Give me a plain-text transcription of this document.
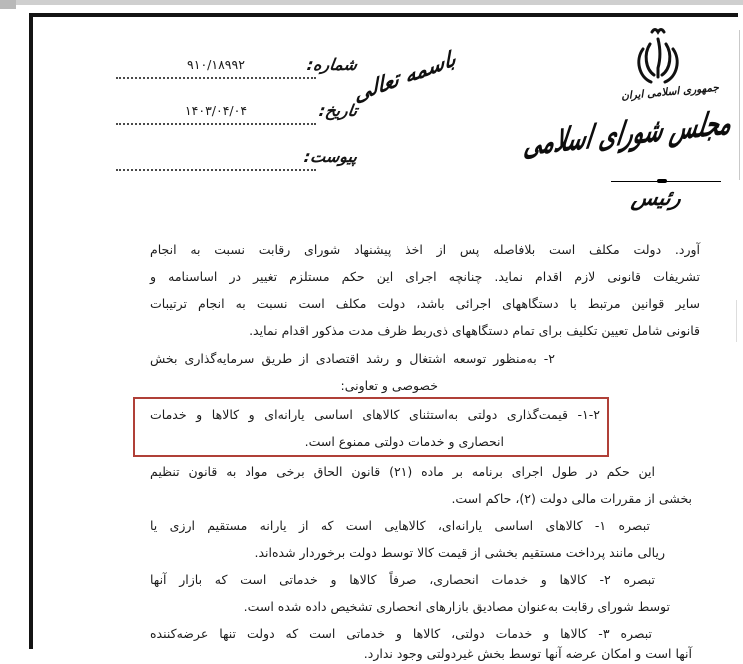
شماره:
۹۱۰/۱۸۹۹۲
تاریخ:
۱۴۰۳/۰۴/۰۴
پیوست:
باسمه تعالی	جمهوری اسلامی ایران
مجلس شورای اسلامی
رئیس
آورد. دولت مکلف است بلافاصله پس از اخذ پیشنهاد شورای رقابت نسبت به انجام
تشریفات قانونی لازم اقدام نماید. چنانچه اجرای این حکم مستلزم تغییر در اساسنامه و
سایر قوانین مرتبط با دستگاههای اجرائی باشد، دولت مکلف است نسبت به انجام ترتیبات
قانونی شامل تعیین تکلیف برای تمام دستگاههای ذی‌ربط ظرف مدت مذکور اقدام نماید.
۲- به‌منظور توسعه اشتغال و رشد اقتصادی از طریق سرمایه‌گذاری بخش
خصوصی و تعاونی:
۱-۲- قیمت‌گذاری دولتی به‌استثنای کالاهای اساسی یارانه‌ای و کالاها و خدمات
انحصاری و خدمات دولتی ممنوع است.
این حکم در طول اجرای برنامه بر ماده (۲۱) قانون الحاق برخی مواد به قانون تنظیم
بخشی از مقررات مالی دولت (۲)، حاکم است.
تبصره ۱- کالاهای اساسی یارانه‌ای، کالاهایی است که از یارانه مستقیم ارزی یا
ریالی مانند پرداخت مستقیم بخشی از قیمت کالا توسط دولت برخوردار شده‌اند.
تبصره ۲- کالاها و خدمات انحصاری، صرفاً کالاها و خدماتی است که بازار آنها
توسط شورای رقابت به‌عنوان مصادیق بازارهای انحصاری تشخیص داده شده است.
تبصره ۳- کالاها و خدمات دولتی، کالاها و خدماتی است که دولت تنها عرضه‌کننده
آنها است و امکان عرضه آنها توسط بخش غیردولتی وجود ندارد.
